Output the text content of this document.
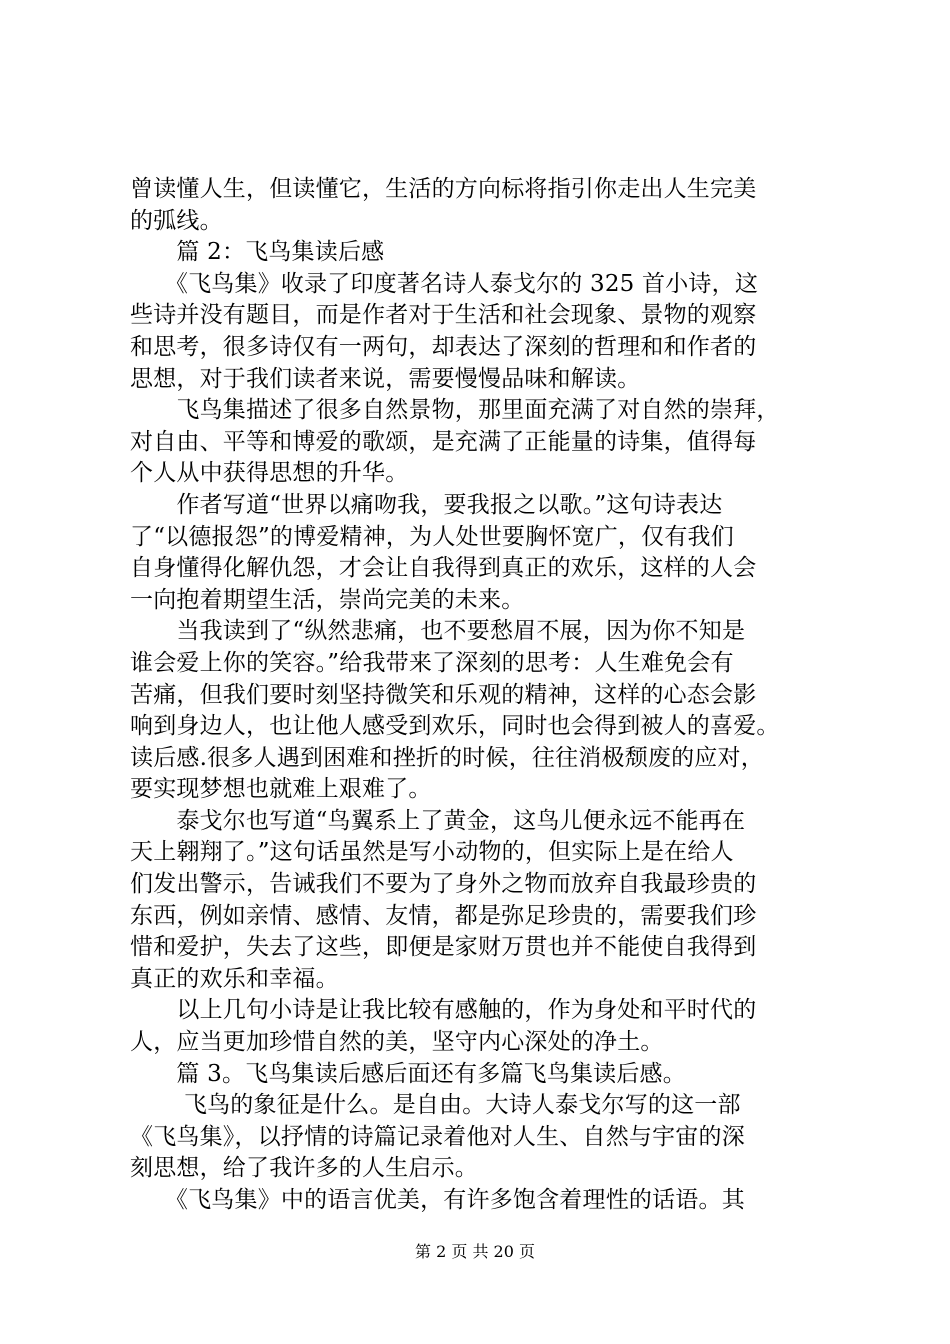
曾读懂人生，但读懂它，生活的方向标将指引你走出人生完美
的弧线。
　　篇 2：飞鸟集读后感
　　《飞鸟集》收录了印度著名诗人泰戈尔的 325 首小诗，这
些诗并没有题目，而是作者对于生活和社会现象、景物的观察
和思考，很多诗仅有一两句，却表达了深刻的哲理和和作者的
思想，对于我们读者来说，需要慢慢品味和解读。
　　飞鸟集描述了很多自然景物，那里面充满了对自然的崇拜，
对自由、平等和博爱的歌颂，是充满了正能量的诗集，值得每
个人从中获得思想的升华。
　　作者写道“世界以痛吻我，要我报之以歌。”这句诗表达
了“以德报怨”的博爱精神，为人处世要胸怀宽广，仅有我们
自身懂得化解仇怨，才会让自我得到真正的欢乐，这样的人会
一向抱着期望生活，崇尚完美的未来。
　　当我读到了“纵然悲痛，也不要愁眉不展，因为你不知是
谁会爱上你的笑容。”给我带来了深刻的思考：人生难免会有
苦痛，但我们要时刻坚持微笑和乐观的精神，这样的心态会影
响到身边人，也让他人感受到欢乐，同时也会得到被人的喜爱。
读后感.很多人遇到困难和挫折的时候，往往消极颓废的应对，
要实现梦想也就难上艰难了。
　　泰戈尔也写道“鸟翼系上了黄金，这鸟儿便永远不能再在
天上翱翔了。”这句话虽然是写小动物的，但实际上是在给人
们发出警示，告诫我们不要为了身外之物而放弃自我最珍贵的
东西，例如亲情、感情、友情，都是弥足珍贵的，需要我们珍
惜和爱护，失去了这些，即便是家财万贯也并不能使自我得到
真正的欢乐和幸福。
　　以上几句小诗是让我比较有感触的，作为身处和平时代的
人，应当更加珍惜自然的美，坚守内心深处的净土。
　　篇 3。飞鸟集读后感后面还有多篇飞鸟集读后感。
　　 飞鸟的象征是什么。是自由。大诗人泰戈尔写的这一部
《飞鸟集》，以抒情的诗篇记录着他对人生、自然与宇宙的深
刻思想，给了我许多的人生启示。
　　《飞鸟集》中的语言优美，有许多饱含着理性的话语。其
第 2 页 共 20 页
